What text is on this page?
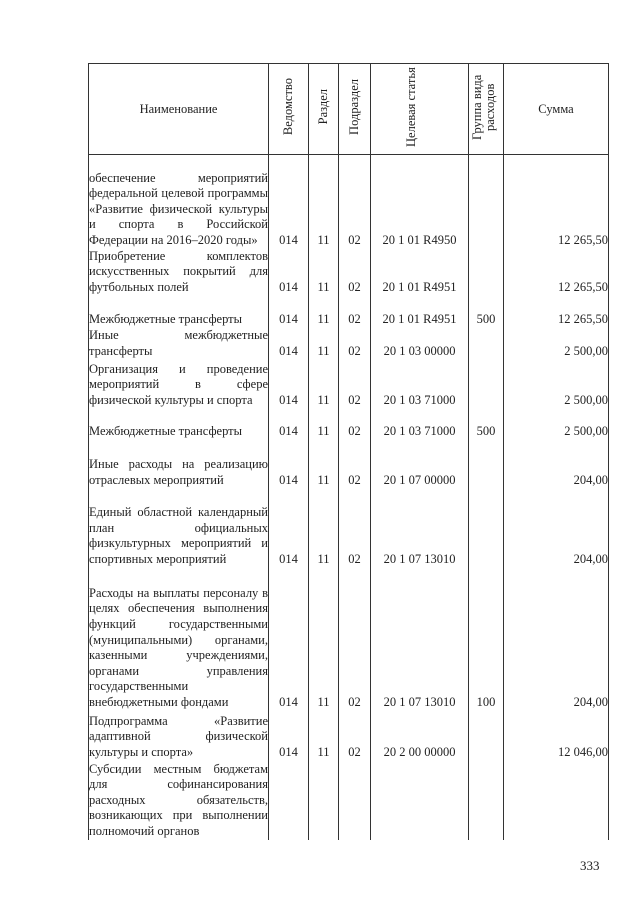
Наименование	Ведомство	Раздел	Подраздел	Целевая статья	Группа вида расходов	Сумма
обеспечение мероприятий федеральной целевой программы «Развитие физической культуры и спорта в Российской Федерации на 2016–2020 годы»	014	11	02	20 1 01 R4950		12 265,50
Приобретение комплектов искусственных покрытий для футбольных полей	014	11	02	20 1 01 R4951		12 265,50
Межбюджетные трансферты	014	11	02	20 1 01 R4951	500	12 265,50
Иные межбюджетные трансферты	014	11	02	20 1 03 00000		2 500,00
Организация и проведение мероприятий в сфере физической культуры и спорта	014	11	02	20 1 03 71000		2 500,00
Межбюджетные трансферты	014	11	02	20 1 03 71000	500	2 500,00
Иные расходы на реализацию отраслевых мероприятий	014	11	02	20 1 07 00000		204,00
Единый областной календарный план официальных физкультурных мероприятий и спортивных мероприятий	014	11	02	20 1 07 13010		204,00
Расходы на выплаты персоналу в целях обеспечения выполнения функций государственными (муниципальными) органами, казенными учреждениями, органами управления государственными внебюджетными фондами	014	11	02	20 1 07 13010	100	204,00
Подпрограмма «Развитие адаптивной физической культуры и спорта»	014	11	02	20 2 00 00000		12 046,00
Субсидии местным бюджетам для софинансирования расходных обязательств, возникающих при выполнении полномочий органов						
333
